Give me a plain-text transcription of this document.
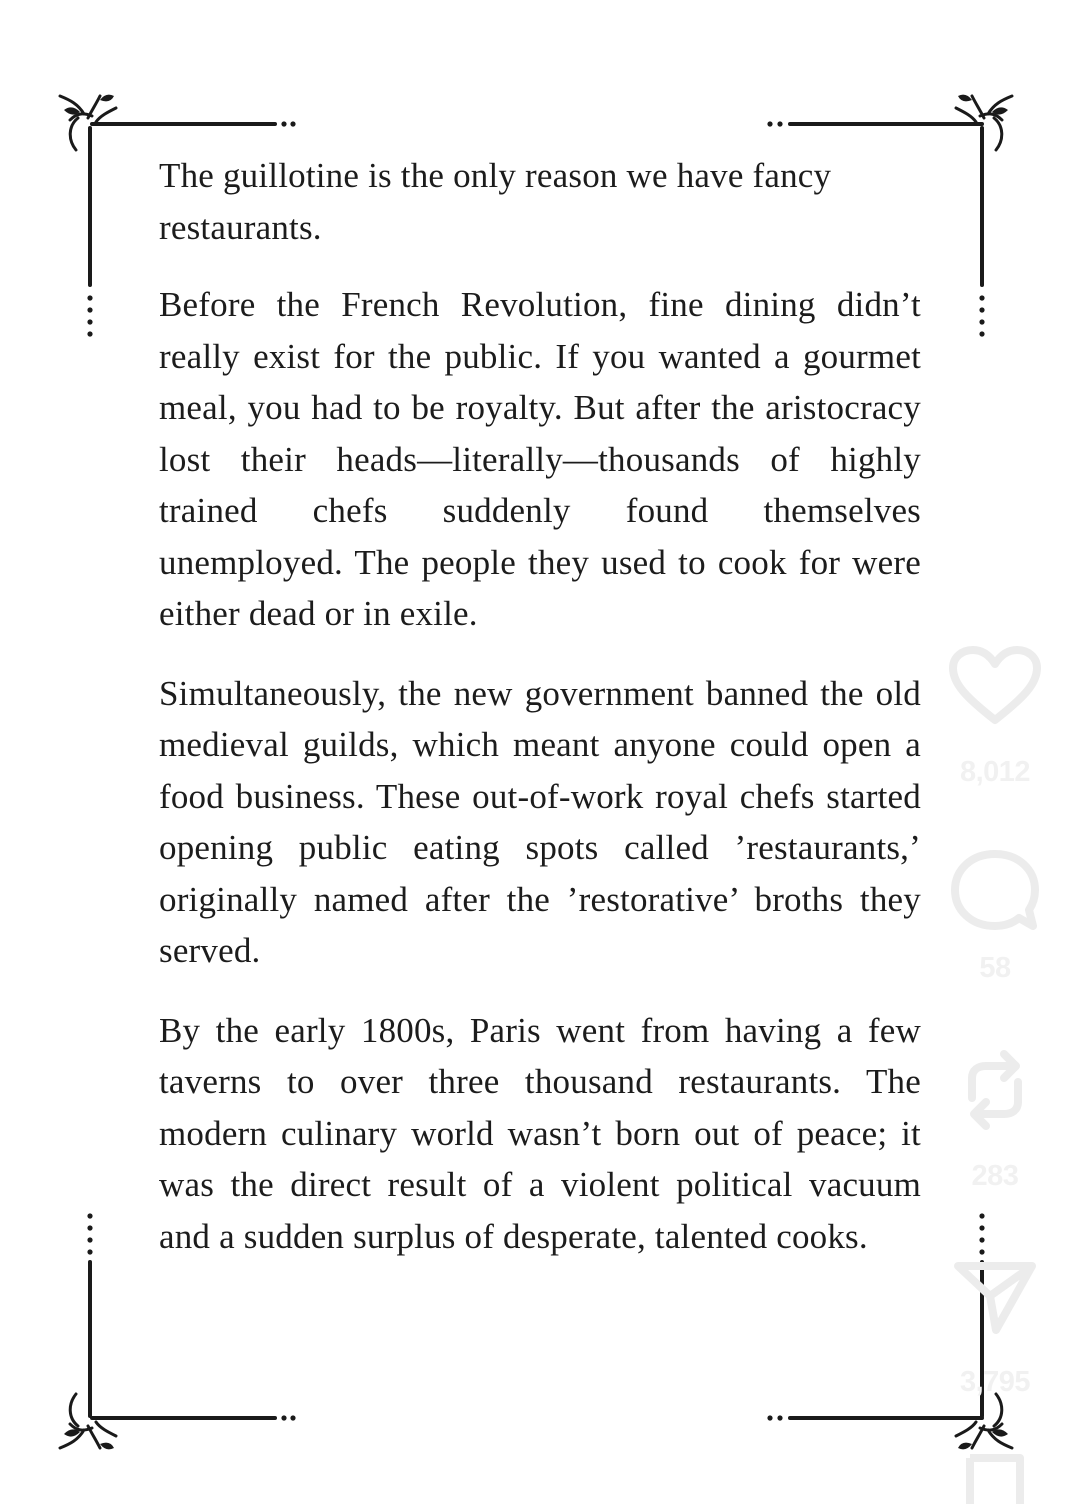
The guillotine is the only reason we have fancy restaurants.

Before the French Revolution, fine dining didn’t really exist for the public. If you wanted a gourmet meal, you had to be royalty. But after the aristocracy lost their heads—literally—thousands of highly trained chefs suddenly found themselves unemployed. The people they used to cook for were either dead or in exile.

Simultaneously, the new government banned the old medieval guilds, which meant anyone could open a food business. These out-of-work royal chefs started opening public eating spots called ’restaurants,’ originally named after the ’restorative’ broths they served.

By the early 1800s, Paris went from having a few taverns to over three thousand restaurants. The modern culinary world wasn’t born out of peace; it was the direct result of a violent political vacuum and a sudden surplus of desperate, talented cooks.

8,012
58
283
3,795
